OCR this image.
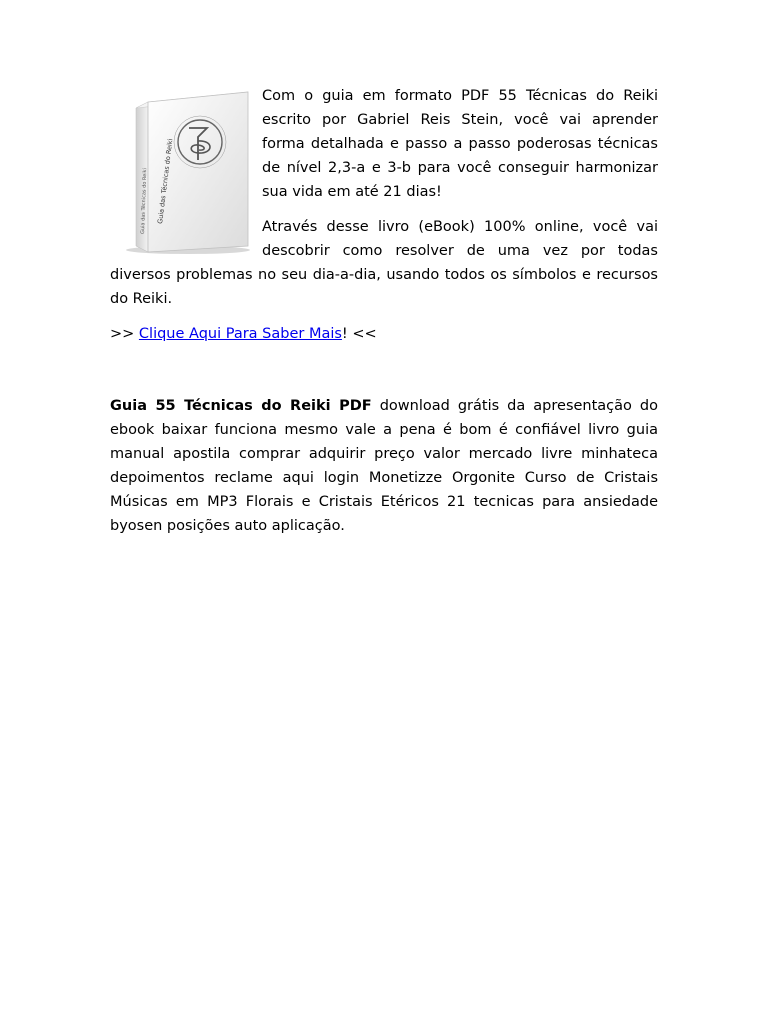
Guia das Técnicas do Reiki
Guia das Técnicas do Reiki

Com o guia em formato PDF 55 Técnicas do Reiki escrito por Gabriel Reis Stein, você vai aprender forma detalhada e passo a passo poderosas técnicas de nível 2,3-a e 3-b para você conseguir harmonizar sua vida em até 21 dias!

Através desse livro (eBook) 100% online, você vai descobrir como resolver de uma vez por todas diversos problemas no seu dia-a-dia, usando todos os símbolos e recursos do Reiki.

>> Clique Aqui Para Saber Mais! <<

Guia 55 Técnicas do Reiki PDF download grátis da apresentação do ebook baixar funciona mesmo vale a pena é bom é confiável livro guia manual apostila comprar adquirir preço valor mercado livre minhateca depoimentos reclame aqui login Monetizze Orgonite Curso de Cristais Músicas em MP3 Florais e Cristais Etéricos 21 tecnicas para ansiedade byosen posições auto aplicação.
